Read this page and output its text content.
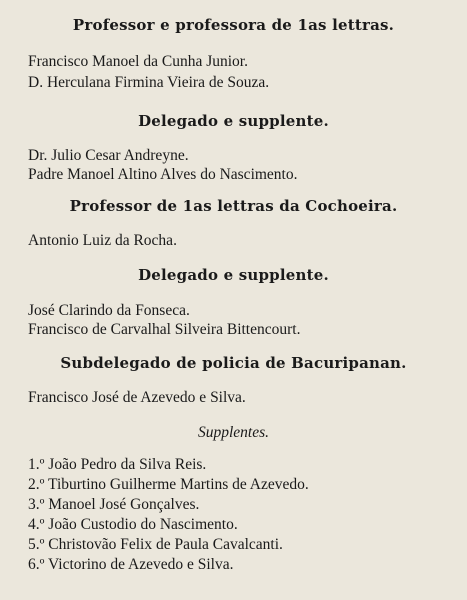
Professor e professora de 1as lettras.
Francisco Manoel da Cunha Junior.
D. Herculana Firmina Vieira de Souza.
Delegado e supplente.
Dr. Julio Cesar Andreyne.
Padre Manoel Altino Alves do Nascimento.
Professor de 1as lettras da Cochoeira.
Antonio Luiz da Rocha.
Delegado e supplente.
José Clarindo da Fonseca.
Francisco de Carvalhal Silveira Bittencourt.
Subdelegado de policia de Bacuripanan.
Francisco José de Azevedo e Silva.
Supplentes.
1.º João Pedro da Silva Reis.
2.º Tiburtino Guilherme Martins de Azevedo.
3.º Manoel José Gonçalves.
4.º João Custodio do Nascimento.
5.º Christovão Felix de Paula Cavalcanti.
6.º Victorino de Azevedo e Silva.
